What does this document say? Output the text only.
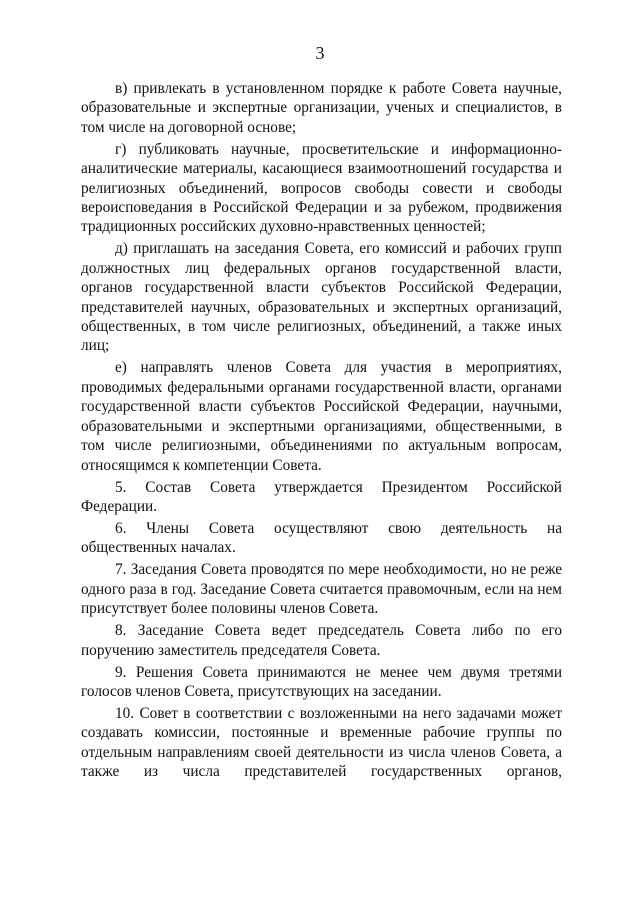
3

в) привлекать в установленном порядке к работе Совета научные, образовательные и экспертные организации, ученых и специалистов, в том числе на договорной основе;

г) публиковать научные, просветительские и информационно-аналитические материалы, касающиеся взаимоотношений государства и религиозных объединений, вопросов свободы совести и свободы вероисповедания в Российской Федерации и за рубежом, продвижения традиционных российских духовно-нравственных ценностей;

д) приглашать на заседания Совета, его комиссий и рабочих групп должностных лиц федеральных органов государственной власти, органов государственной власти субъектов Российской Федерации, представителей научных, образовательных и экспертных организаций, общественных, в том числе религиозных, объединений, а также иных лиц;

е) направлять членов Совета для участия в мероприятиях, проводимых федеральными органами государственной власти, органами государственной власти субъектов Российской Федерации, научными, образовательными и экспертными организациями, общественными, в том числе религиозными, объединениями по актуальным вопросам, относящимся к компетенции Совета.

5. Состав Совета утверждается Президентом Российской Федерации.

6. Члены Совета осуществляют свою деятельность на общественных началах.

7. Заседания Совета проводятся по мере необходимости, но не реже одного раза в год. Заседание Совета считается правомочным, если на нем присутствует более половины членов Совета.

8. Заседание Совета ведет председатель Совета либо по его поручению заместитель председателя Совета.

9. Решения Совета принимаются не менее чем двумя третями голосов членов Совета, присутствующих на заседании.

10. Совет в соответствии с возложенными на него задачами может создавать комиссии, постоянные и временные рабочие группы по отдельным направлениям своей деятельности из числа членов Совета, а также из числа представителей государственных органов,
